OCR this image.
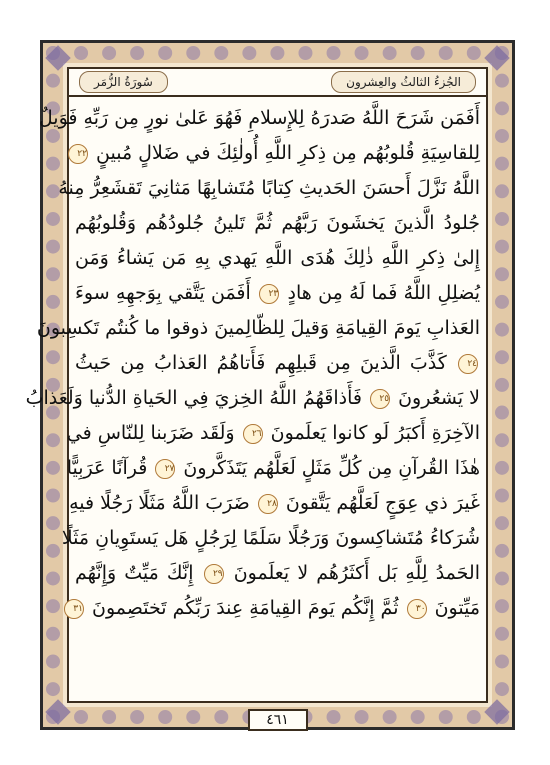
الجُزءُ الثالثُ والعِشرون
سُورَةُ الزُّمَر
أَفَمَن شَرَحَ اللَّهُ صَدرَهُ لِلإِسلامِ فَهُوَ عَلىٰ نورٍ مِن رَبِّهِ فَوَيلٌ
لِلقاسِيَةِ قُلوبُهُم مِن ذِكرِ اللَّهِ أُولٰئِكَ في ضَلالٍ مُبينٍ ٢٢
اللَّهُ نَزَّلَ أَحسَنَ الحَديثِ كِتابًا مُتَشابِهًا مَثانِيَ تَقشَعِرُّ مِنهُ
جُلودُ الَّذينَ يَخشَونَ رَبَّهُم ثُمَّ تَلينُ جُلودُهُم وَقُلوبُهُم
إِلىٰ ذِكرِ اللَّهِ ذٰلِكَ هُدَى اللَّهِ يَهدي بِهِ مَن يَشاءُ وَمَن
يُضلِلِ اللَّهُ فَما لَهُ مِن هادٍ ٢٣ أَفَمَن يَتَّقي بِوَجهِهِ سوءَ
العَذابِ يَومَ القِيامَةِ وَقيلَ لِلظّالِمينَ ذوقوا ما كُنتُم تَكسِبونَ
٢٤ كَذَّبَ الَّذينَ مِن قَبلِهِم فَأَتاهُمُ العَذابُ مِن حَيثُ
لا يَشعُرونَ ٢٥ فَأَذاقَهُمُ اللَّهُ الخِزيَ فِي الحَياةِ الدُّنيا وَلَعَذابُ
الآخِرَةِ أَكبَرُ لَو كانوا يَعلَمونَ ٢٦ وَلَقَد ضَرَبنا لِلنّاسِ في
هٰذَا القُرآنِ مِن كُلِّ مَثَلٍ لَعَلَّهُم يَتَذَكَّرونَ ٢٧ قُرآنًا عَرَبِيًّا
غَيرَ ذي عِوَجٍ لَعَلَّهُم يَتَّقونَ ٢٨ ضَرَبَ اللَّهُ مَثَلًا رَجُلًا فيهِ
شُرَكاءُ مُتَشاكِسونَ وَرَجُلًا سَلَمًا لِرَجُلٍ هَل يَستَوِيانِ مَثَلًا
الحَمدُ لِلَّهِ بَل أَكثَرُهُم لا يَعلَمونَ ٢٩ إِنَّكَ مَيِّتٌ وَإِنَّهُم
مَيِّتونَ ٣٠ ثُمَّ إِنَّكُم يَومَ القِيامَةِ عِندَ رَبِّكُم تَختَصِمونَ ٣١
٤٦١
